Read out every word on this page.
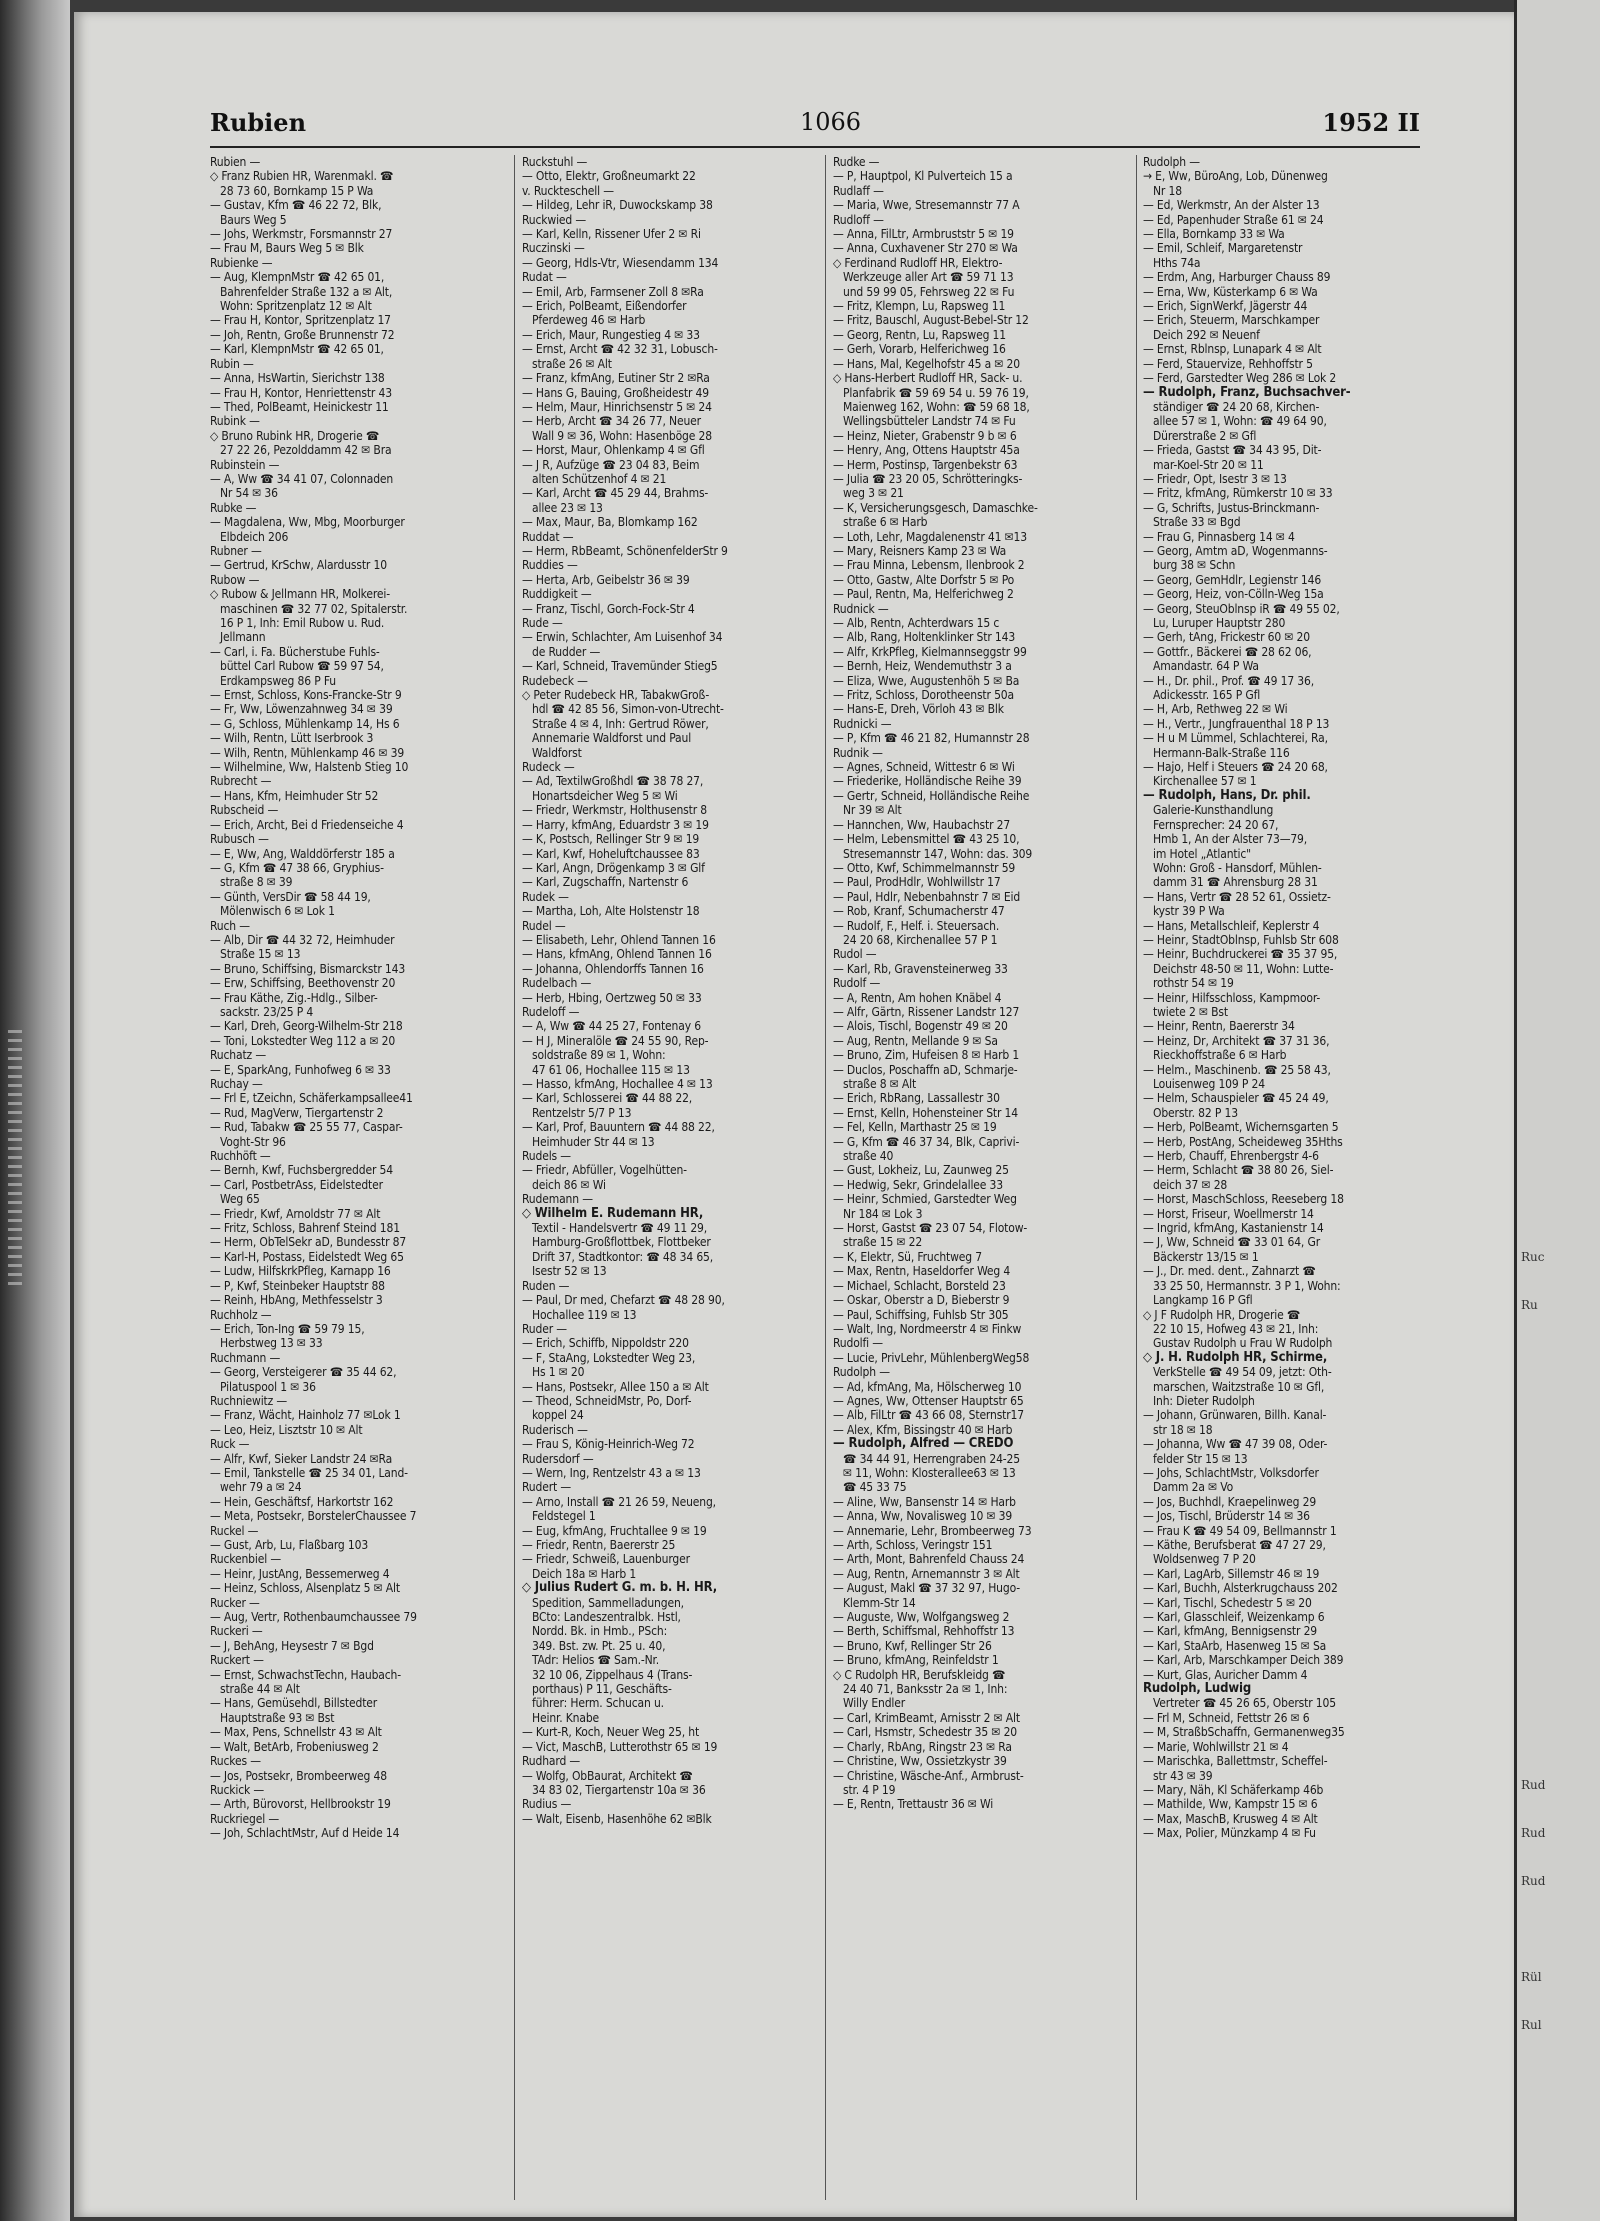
Rubien	1066	1952 II
Rubien —
◇ Franz Rubien HR, Warenmakl. ☎
28 73 60, Bornkamp 15 P Wa
— Gustav, Kfm ☎ 46 22 72, Blk,
Baurs Weg 5
— Johs, Werkmstr, Forsmannstr 27
— Frau M, Baurs Weg 5 ✉ Blk
Rubienke —
— Aug, KlempnMstr ☎ 42 65 01,
Bahrenfelder Straße 132 a ✉ Alt,
Wohn: Spritzenplatz 12 ✉ Alt
— Frau H, Kontor, Spritzenplatz 17
— Joh, Rentn, Große Brunnenstr 72
— Karl, KlempnMstr ☎ 42 65 01,
Rubin —
— Anna, HsWartin, Sierichstr 138
— Frau H, Kontor, Henriettenstr 43
— Thed, PolBeamt, Heinickestr 11
Rubink —
◇ Bruno Rubink HR, Drogerie ☎
27 22 26, Pezolddamm 42 ✉ Bra
Rubinstein —
— A, Ww ☎ 34 41 07, Colonnaden
Nr 54 ✉ 36
Rubke —
— Magdalena, Ww, Mbg, Moorburger
Elbdeich 206
Rubner —
— Gertrud, KrSchw, Alardusstr 10
Rubow —
◇ Rubow & Jellmann HR, Molkerei-
maschinen ☎ 32 77 02, Spitalerstr.
16 P 1, Inh: Emil Rubow u. Rud.
Jellmann
— Carl, i. Fa. Bücherstube Fuhls-
büttel Carl Rubow ☎ 59 97 54,
Erdkampsweg 86 P Fu
— Ernst, Schloss, Kons-Francke-Str 9
— Fr, Ww, Löwenzahnweg 34 ✉ 39
— G, Schloss, Mühlenkamp 14, Hs 6
— Wilh, Rentn, Lütt Iserbrook 3
— Wilh, Rentn, Mühlenkamp 46 ✉ 39
— Wilhelmine, Ww, Halstenb Stieg 10
Rubrecht —
— Hans, Kfm, Heimhuder Str 52
Rubscheid —
— Erich, Archt, Bei d Friedenseiche 4
Rubusch —
— E, Ww, Ang, Walddörferstr 185 a
— G, Kfm ☎ 47 38 66, Gryphius-
straße 8 ✉ 39
— Günth, VersDir ☎ 58 44 19,
Mölenwisch 6 ✉ Lok 1
Ruch —
— Alb, Dir ☎ 44 32 72, Heimhuder
Straße 15 ✉ 13
— Bruno, Schiffsing, Bismarckstr 143
— Erw, Schiffsing, Beethovenstr 20
— Frau Käthe, Zig.-Hdlg., Silber-
sackstr. 23/25 P 4
— Karl, Dreh, Georg-Wilhelm-Str 218
— Toni, Lokstedter Weg 112 a ✉ 20
Ruchatz —
— E, SparkAng, Funhofweg 6 ✉ 33
Ruchay —
— Frl E, tZeichn, Schäferkampsallee41
— Rud, MagVerw, Tiergartenstr 2
— Rud, Tabakw ☎ 25 55 77, Caspar-
Voght-Str 96
Ruchhöft —
— Bernh, Kwf, Fuchsbergredder 54
— Carl, PostbetrAss, Eidelstedter
Weg 65
— Friedr, Kwf, Arnoldstr 77 ✉ Alt
— Fritz, Schloss, Bahrenf Steind 181
— Herm, ObTelSekr aD, Bundesstr 87
— Karl-H, Postass, Eidelstedt Weg 65
— Ludw, HilfskrkPfleg, Karnapp 16
— P, Kwf, Steinbeker Hauptstr 88
— Reinh, HbAng, Methfesselstr 3
Ruchholz —
— Erich, Ton-Ing ☎ 59 79 15,
Herbstweg 13 ✉ 33
Ruchmann —
— Georg, Versteigerer ☎ 35 44 62,
Pilatuspool 1 ✉ 36
Ruchniewitz —
— Franz, Wächt, Hainholz 77 ✉Lok 1
— Leo, Heiz, Lisztstr 10 ✉ Alt
Ruck —
— Alfr, Kwf, Sieker Landstr 24 ✉Ra
— Emil, Tankstelle ☎ 25 34 01, Land-
wehr 79 a ✉ 24
— Hein, Geschäftsf, Harkortstr 162
— Meta, Postsekr, BorstelerChaussee 7
Ruckel —
— Gust, Arb, Lu, Flaßbarg 103
Ruckenbiel —
— Heinr, JustAng, Bessemerweg 4
— Heinz, Schloss, Alsenplatz 5 ✉ Alt
Rucker —
— Aug, Vertr, Rothenbaumchaussee 79
Ruckeri —
— J, BehAng, Heysestr 7 ✉ Bgd
Ruckert —
— Ernst, SchwachstTechn, Haubach-
straße 44 ✉ Alt
— Hans, Gemüsehdl, Billstedter
Hauptstraße 93 ✉ Bst
— Max, Pens, Schnellstr 43 ✉ Alt
— Walt, BetArb, Frobeniusweg 2
Ruckes —
— Jos, Postsekr, Brombeerweg 48
Ruckick —
— Arth, Bürovorst, Hellbrookstr 19
Ruckriegel —
— Joh, SchlachtMstr, Auf d Heide 14
Ruckstuhl —
— Otto, Elektr, Großneumarkt 22
v. Ruckteschell —
— Hildeg, Lehr iR, Duwockskamp 38
Ruckwied —
— Karl, Kelln, Rissener Ufer 2 ✉ Ri
Ruczinski —
— Georg, Hdls-Vtr, Wiesendamm 134
Rudat —
— Emil, Arb, Farmsener Zoll 8 ✉Ra
— Erich, PolBeamt, Eißendorfer
Pferdeweg 46 ✉ Harb
— Erich, Maur, Rungestieg 4 ✉ 33
— Ernst, Archt ☎ 42 32 31, Lobusch-
straße 26 ✉ Alt
— Franz, kfmAng, Eutiner Str 2 ✉Ra
— Hans G, Bauing, Großheidestr 49
— Helm, Maur, Hinrichsenstr 5 ✉ 24
— Herb, Archt ☎ 34 26 77, Neuer
Wall 9 ✉ 36, Wohn: Hasenböge 28
— Horst, Maur, Ohlenkamp 4 ✉ Gfl
— J R, Aufzüge ☎ 23 04 83, Beim
alten Schützenhof 4 ✉ 21
— Karl, Archt ☎ 45 29 44, Brahms-
allee 23 ✉ 13
— Max, Maur, Ba, Blomkamp 162
Ruddat —
— Herm, RbBeamt, SchönenfelderStr 9
Ruddies —
— Herta, Arb, Geibelstr 36 ✉ 39
Ruddigkeit —
— Franz, Tischl, Gorch-Fock-Str 4
Rude —
— Erwin, Schlachter, Am Luisenhof 34
de Rudder —
— Karl, Schneid, Travemünder Stieg5
Rudebeck —
◇ Peter Rudebeck HR, TabakwGroß-
hdl ☎ 42 85 56, Simon-von-Utrecht-
Straße 4 ✉ 4, Inh: Gertrud Röwer,
Annemarie Waldforst und Paul
Waldforst
Rudeck —
— Ad, TextilwGroßhdl ☎ 38 78 27,
Honartsdeicher Weg 5 ✉ Wi
— Friedr, Werkmstr, Holthusenstr 8
— Harry, kfmAng, Eduardstr 3 ✉ 19
— K, Postsch, Rellinger Str 9 ✉ 19
— Karl, Kwf, Hoheluftchaussee 83
— Karl, Angn, Drögenkamp 3 ✉ Glf
— Karl, Zugschaffn, Nartenstr 6
Rudek —
— Martha, Loh, Alte Holstenstr 18
Rudel —
— Elisabeth, Lehr, Ohlend Tannen 16
— Hans, kfmAng, Ohlend Tannen 16
— Johanna, Ohlendorffs Tannen 16
Rudelbach —
— Herb, Hbing, Oertzweg 50 ✉ 33
Rudeloff —
— A, Ww ☎ 44 25 27, Fontenay 6
— H J, Mineralöle ☎ 24 55 90, Rep-
soldstraße 89 ✉ 1, Wohn:
47 61 06, Hochallee 115 ✉ 13
— Hasso, kfmAng, Hochallee 4 ✉ 13
— Karl, Schlosserei ☎ 44 88 22,
Rentzelstr 5/7 P 13
— Karl, Prof, Bauuntern ☎ 44 88 22,
Heimhuder Str 44 ✉ 13
Rudels —
— Friedr, Abfüller, Vogelhütten-
deich 86 ✉ Wi
Rudemann —
◇ Wilhelm E. Rudemann HR,
Textil - Handelsvertr ☎ 49 11 29,
Hamburg-Großflottbek, Flottbeker
Drift 37, Stadtkontor: ☎ 48 34 65,
Isestr 52 ✉ 13
Ruden —
— Paul, Dr med, Chefarzt ☎ 48 28 90,
Hochallee 119 ✉ 13
Ruder —
— Erich, Schiffb, Nippoldstr 220
— F, StaAng, Lokstedter Weg 23,
Hs 1 ✉ 20
— Hans, Postsekr, Allee 150 a ✉ Alt
— Theod, SchneidMstr, Po, Dorf-
koppel 24
Ruderisch —
— Frau S, König-Heinrich-Weg 72
Rudersdorf —
— Wern, Ing, Rentzelstr 43 a ✉ 13
Rudert —
— Arno, Install ☎ 21 26 59, Neueng,
Feldstegel 1
— Eug, kfmAng, Fruchtallee 9 ✉ 19
— Friedr, Rentn, Baererstr 25
— Friedr, Schweiß, Lauenburger
Deich 18a ✉ Harb 1
◇ Julius Rudert G. m. b. H. HR,
Spedition, Sammelladungen,
BCto: Landeszentralbk. Hstl,
Nordd. Bk. in Hmb., PSch:
349. Bst. zw. Pt. 25 u. 40,
TAdr: Helios ☎ Sam.-Nr.
32 10 06, Zippelhaus 4 (Trans-
porthaus) P 11, Geschäfts-
führer: Herm. Schucan u.
Heinr. Knabe
— Kurt-R, Koch, Neuer Weg 25, ht
— Vict, MaschB, Lutterothstr 65 ✉ 19
Rudhard —
— Wolfg, ObBaurat, Architekt ☎
34 83 02, Tiergartenstr 10a ✉ 36
Rudius —
— Walt, Eisenb, Hasenhöhe 62 ✉Blk
Rudke —
— P, Hauptpol, Kl Pulverteich 15 a
Rudlaff —
— Maria, Wwe, Stresemannstr 77 A
Rudloff —
— Anna, FilLtr, Armbruststr 5 ✉ 19
— Anna, Cuxhavener Str 270 ✉ Wa
◇ Ferdinand Rudloff HR, Elektro-
Werkzeuge aller Art ☎ 59 71 13
und 59 99 05, Fehrsweg 22 ✉ Fu
— Fritz, Klempn, Lu, Rapsweg 11
— Fritz, Bauschl, August-Bebel-Str 12
— Georg, Rentn, Lu, Rapsweg 11
— Gerh, Vorarb, Helferichweg 16
— Hans, Mal, Kegelhofstr 45 a ✉ 20
◇ Hans-Herbert Rudloff HR, Sack- u.
Planfabrik ☎ 59 69 54 u. 59 76 19,
Maienweg 162, Wohn: ☎ 59 68 18,
Wellingsbütteler Landstr 74 ✉ Fu
— Heinz, Nieter, Grabenstr 9 b ✉ 6
— Henry, Ang, Ottens Hauptstr 45a
— Herm, Postinsp, Targenbekstr 63
— Julia ☎ 23 20 05, Schrötteringks-
weg 3 ✉ 21
— K, Versicherungsgesch, Damaschke-
straße 6 ✉ Harb
— Loth, Lehr, Magdalenenstr 41 ✉13
— Mary, Reisners Kamp 23 ✉ Wa
— Frau Minna, Lebensm, Ilenbrook 2
— Otto, Gastw, Alte Dorfstr 5 ✉ Po
— Paul, Rentn, Ma, Helferichweg 2
Rudnick —
— Alb, Rentn, Achterdwars 15 c
— Alb, Rang, Holtenklinker Str 143
— Alfr, KrkPfleg, Kielmannseggstr 99
— Bernh, Heiz, Wendemuthstr 3 a
— Eliza, Wwe, Augustenhöh 5 ✉ Ba
— Fritz, Schloss, Dorotheenstr 50a
— Hans-E, Dreh, Vörloh 43 ✉ Blk
Rudnicki —
— P, Kfm ☎ 46 21 82, Humannstr 28
Rudnik —
— Agnes, Schneid, Wittestr 6 ✉ Wi
— Friederike, Holländische Reihe 39
— Gertr, Schneid, Holländische Reihe
Nr 39 ✉ Alt
— Hannchen, Ww, Haubachstr 27
— Helm, Lebensmittel ☎ 43 25 10,
Stresemannstr 147, Wohn: das. 309
— Otto, Kwf, Schimmelmannstr 59
— Paul, ProdHdlr, Wohlwillstr 17
— Paul, Hdlr, Nebenbahnstr 7 ✉ Eid
— Rob, Kranf, Schumacherstr 47
— Rudolf, F., Helf. i. Steuersach.
24 20 68, Kirchenallee 57 P 1
Rudol —
— Karl, Rb, Gravensteinerweg 33
Rudolf —
— A, Rentn, Am hohen Knäbel 4
— Alfr, Gärtn, Rissener Landstr 127
— Alois, Tischl, Bogenstr 49 ✉ 20
— Aug, Rentn, Mellande 9 ✉ Sa
— Bruno, Zim, Hufeisen 8 ✉ Harb 1
— Duclos, Poschaffn aD, Schmarje-
straße 8 ✉ Alt
— Erich, RbRang, Lassallestr 30
— Ernst, Kelln, Hohensteiner Str 14
— Fel, Kelln, Marthastr 25 ✉ 19
— G, Kfm ☎ 46 37 34, Blk, Caprivi-
straße 40
— Gust, Lokheiz, Lu, Zaunweg 25
— Hedwig, Sekr, Grindelallee 33
— Heinr, Schmied, Garstedter Weg
Nr 184 ✉ Lok 3
— Horst, Gastst ☎ 23 07 54, Flotow-
straße 15 ✉ 22
— K, Elektr, Sü, Fruchtweg 7
— Max, Rentn, Haseldorfer Weg 4
— Michael, Schlacht, Borsteld 23
— Oskar, Oberstr a D, Bieberstr 9
— Paul, Schiffsing, Fuhlsb Str 305
— Walt, Ing, Nordmeerstr 4 ✉ Finkw
Rudolfi —
— Lucie, PrivLehr, MühlenbergWeg58
Rudolph —
— Ad, kfmAng, Ma, Hölscherweg 10
— Agnes, Ww, Ottenser Hauptstr 65
— Alb, FilLtr ☎ 43 66 08, Sternstr17
— Alex, Kfm, Bissingstr 40 ✉ Harb
— Rudolph, Alfred — CREDO
☎ 34 44 91, Herrengraben 24-25
✉ 11, Wohn: Klosterallee63 ✉ 13
☎ 45 33 75
— Aline, Ww, Bansenstr 14 ✉ Harb
— Anna, Ww, Novalisweg 10 ✉ 39
— Annemarie, Lehr, Brombeerweg 73
— Arth, Schloss, Veringstr 151
— Arth, Mont, Bahrenfeld Chauss 24
— Aug, Rentn, Arnemannstr 3 ✉ Alt
— August, Makl ☎ 37 32 97, Hugo-
Klemm-Str 14
— Auguste, Ww, Wolfgangsweg 2
— Berth, Schiffsmal, Rehhoffstr 13
— Bruno, Kwf, Rellinger Str 26
— Bruno, kfmAng, Reinfeldstr 1
◇ C Rudolph HR, Berufskleidg ☎
24 40 71, Banksstr 2a ✉ 1, Inh:
Willy Endler
— Carl, KrimBeamt, Arnisstr 2 ✉ Alt
— Carl, Hsmstr, Schedestr 35 ✉ 20
— Charly, RbAng, Ringstr 23 ✉ Ra
— Christine, Ww, Ossietzkystr 39
— Christine, Wäsche-Anf., Armbrust-
str. 4 P 19
— E, Rentn, Trettaustr 36 ✉ Wi
Rudolph —
→ E, Ww, BüroAng, Lob, Dünenweg
Nr 18
— Ed, Werkmstr, An der Alster 13
— Ed, Papenhuder Straße 61 ✉ 24
— Ella, Bornkamp 33 ✉ Wa
— Emil, Schleif, Margaretenstr
Hths 74a
— Erdm, Ang, Harburger Chauss 89
— Erna, Ww, Küsterkamp 6 ✉ Wa
— Erich, SignWerkf, Jägerstr 44
— Erich, Steuerm, Marschkamper
Deich 292 ✉ Neuenf
— Ernst, Rblnsp, Lunapark 4 ✉ Alt
— Ferd, Stauervize, Rehhoffstr 5
— Ferd, Garstedter Weg 286 ✉ Lok 2
— Rudolph, Franz, Buchsachver-
ständiger ☎ 24 20 68, Kirchen-
allee 57 ✉ 1, Wohn: ☎ 49 64 90,
Dürerstraße 2 ✉ Gfl
— Frieda, Gastst ☎ 34 43 95, Dit-
mar-Koel-Str 20 ✉ 11
— Friedr, Opt, Isestr 3 ✉ 13
— Fritz, kfmAng, Rümkerstr 10 ✉ 33
— G, Schrifts, Justus-Brinckmann-
Straße 33 ✉ Bgd
— Frau G, Pinnasberg 14 ✉ 4
— Georg, Amtm aD, Wogenmanns-
burg 38 ✉ Schn
— Georg, GemHdlr, Legienstr 146
— Georg, Heiz, von-Cölln-Weg 15a
— Georg, SteuOblnsp iR ☎ 49 55 02,
Lu, Luruper Hauptstr 280
— Gerh, tAng, Frickestr 60 ✉ 20
— Gottfr., Bäckerei ☎ 28 62 06,
Amandastr. 64 P Wa
— H., Dr. phil., Prof. ☎ 49 17 36,
Adickesstr. 165 P Gfl
— H, Arb, Rethweg 22 ✉ Wi
— H., Vertr., Jungfrauenthal 18 P 13
— H u M Lümmel, Schlachterei, Ra,
Hermann-Balk-Straße 116
— Hajo, Helf i Steuers ☎ 24 20 68,
Kirchenallee 57 ✉ 1
— Rudolph, Hans, Dr. phil.
Galerie-Kunsthandlung
Fernsprecher: 24 20 67,
Hmb 1, An der Alster 73—79,
im Hotel „Atlantic"
Wohn: Groß - Hansdorf, Mühlen-
damm 31 ☎ Ahrensburg 28 31
— Hans, Vertr ☎ 28 52 61, Ossietz-
kystr 39 P Wa
— Hans, Metallschleif, Keplerstr 4
— Heinr, StadtOblnsp, Fuhlsb Str 608
— Heinr, Buchdruckerei ☎ 35 37 95,
Deichstr 48-50 ✉ 11, Wohn: Lutte-
rothstr 54 ✉ 19
— Heinr, Hilfsschloss, Kampmoor-
twiete 2 ✉ Bst
— Heinr, Rentn, Baererstr 34
— Heinz, Dr, Architekt ☎ 37 31 36,
Rieckhoffstraße 6 ✉ Harb
— Helm., Maschinenb. ☎ 25 58 43,
Louisenweg 109 P 24
— Helm, Schauspieler ☎ 45 24 49,
Oberstr. 82 P 13
— Herb, PolBeamt, Wichernsgarten 5
— Herb, PostAng, Scheideweg 35Hths
— Herb, Chauff, Ehrenbergstr 4-6
— Herm, Schlacht ☎ 38 80 26, Siel-
deich 37 ✉ 28
— Horst, MaschSchloss, Reeseberg 18
— Horst, Friseur, Woellmerstr 14
— Ingrid, kfmAng, Kastanienstr 14
— J, Ww, Schneid ☎ 33 01 64, Gr
Bäckerstr 13/15 ✉ 1
— J., Dr. med. dent., Zahnarzt ☎
33 25 50, Hermannstr. 3 P 1, Wohn:
Langkamp 16 P Gfl
◇ J F Rudolph HR, Drogerie ☎
22 10 15, Hofweg 43 ✉ 21, Inh:
Gustav Rudolph u Frau W Rudolph
◇ J. H. Rudolph HR, Schirme,
VerkStelle ☎ 49 54 09, jetzt: Oth-
marschen, Waitzstraße 10 ✉ Gfl,
Inh: Dieter Rudolph
— Johann, Grünwaren, Billh. Kanal-
str 18 ✉ 18
— Johanna, Ww ☎ 47 39 08, Oder-
felder Str 15 ✉ 13
— Johs, SchlachtMstr, Volksdorfer
Damm 2a ✉ Vo
— Jos, Buchhdl, Kraepelinweg 29
— Jos, Tischl, Brüderstr 14 ✉ 36
— Frau K ☎ 49 54 09, Bellmannstr 1
— Käthe, Berufsberat ☎ 47 27 29,
Woldsenweg 7 P 20
— Karl, LagArb, Sillemstr 46 ✉ 19
— Karl, Buchh, Alsterkrugchauss 202
— Karl, Tischl, Schedestr 5 ✉ 20
— Karl, Glasschleif, Weizenkamp 6
— Karl, kfmAng, Bennigsenstr 29
— Karl, StaArb, Hasenweg 15 ✉ Sa
— Karl, Arb, Marschkamper Deich 389
— Kurt, Glas, Auricher Damm 4
Rudolph, Ludwig
Vertreter ☎ 45 26 65, Oberstr 105
— Frl M, Schneid, Fettstr 26 ✉ 6
— M, StraßbSchaffn, Germanenweg35
— Marie, Wohlwillstr 21 ✉ 4
— Marischka, Ballettmstr, Scheffel-
str 43 ✉ 39
— Mary, Näh, Kl Schäferkamp 46b
— Mathilde, Ww, Kampstr 15 ✉ 6
— Max, MaschB, Krusweg 4 ✉ Alt
— Max, Polier, Münzkamp 4 ✉ Fu
Ruc
Ru
Rud
Rud
Rud
Rül
Rul
